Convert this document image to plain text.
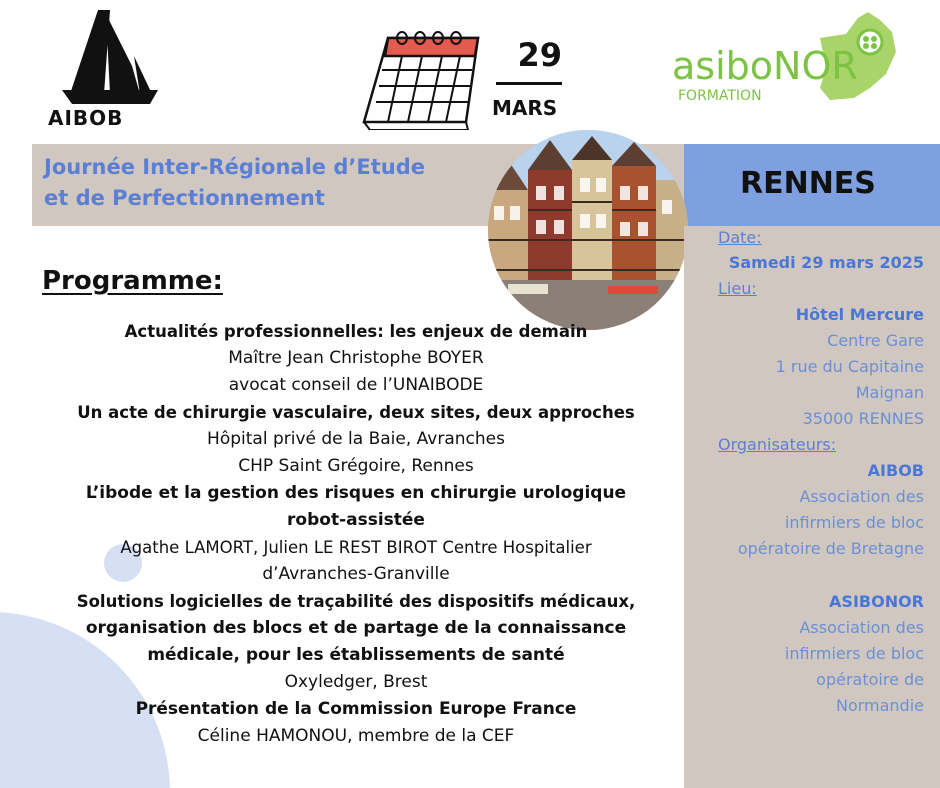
AIBOB
29
MARS
asiboNOR
FORMATION
Journée Inter-Régionale d’Etude
et de Perfectionnement	RENNES
Date:
Samedi 29 mars 2025
Lieu:
Hôtel Mercure
Centre Gare
1 rue du Capitaine
Maignan
35000 RENNES
Organisateurs:
AIBOB
Association des
infirmiers de bloc
opératoire de Bretagne
ASIBONOR
Association des
infirmiers de bloc
opératoire de
Normandie
Programme:
Actualités professionnelles: les enjeux de demain
Maître Jean Christophe BOYER
avocat conseil de l’UNAIBODE
Un acte de chirurgie vasculaire, deux sites, deux approches
Hôpital privé de la Baie, Avranches
CHP Saint Grégoire, Rennes
L’ibode et la gestion des risques en chirurgie urologique
robot-assistée
Agathe LAMORT, Julien LE REST BIROT Centre Hospitalier
d’Avranches-Granville
Solutions logicielles de traçabilité des dispositifs médicaux,
organisation des blocs et de partage de la connaissance
médicale, pour les établissements de santé
Oxyledger, Brest
Présentation de la Commission Europe France
Céline HAMONOU, membre de la CEF
